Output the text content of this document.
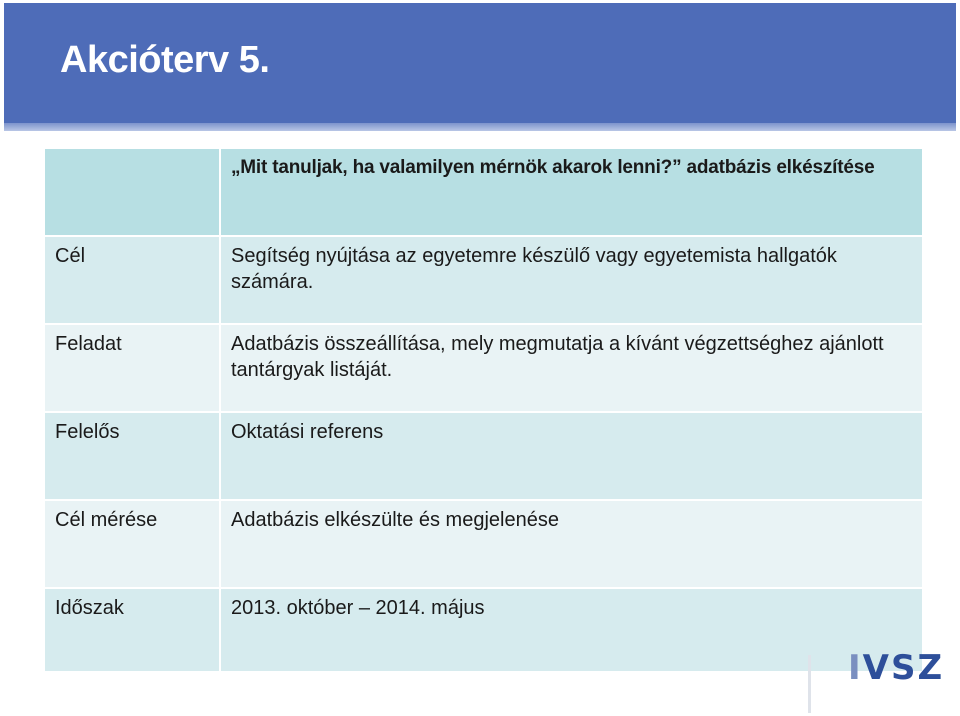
Akcióterv 5.
	„Mit tanuljak, ha valamilyen mérnök akarok lenni?” adatbázis elkészítése
Cél	Segítség nyújtása az egyetemre készülő vagy egyetemista hallgatók számára.
Feladat	Adatbázis összeállítása, mely megmutatja a kívánt végzettséghez ajánlott tantárgyak listáját.
Felelős	Oktatási referens
Cél mérése	Adatbázis elkészülte és megjelenése
Időszak	2013. október – 2014. május
IVSZ
